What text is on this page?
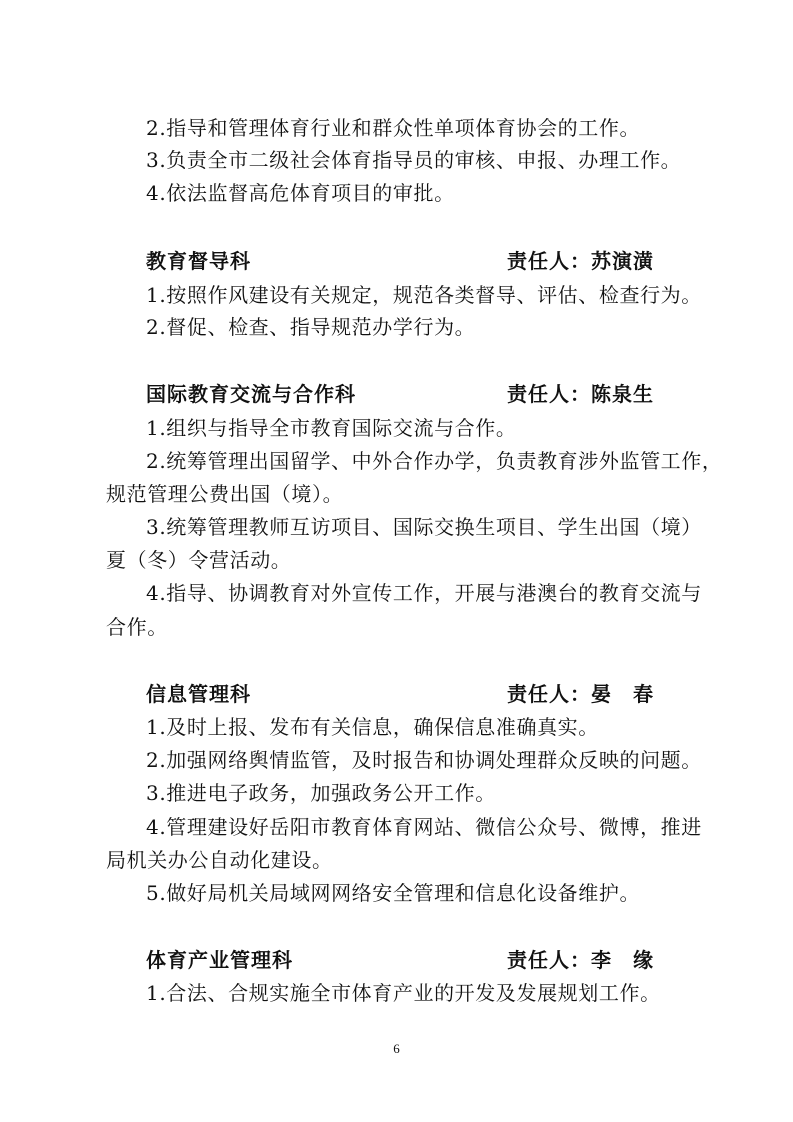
2.指导和管理体育行业和群众性单项体育协会的工作。
3.负责全市二级社会体育指导员的审核、申报、办理工作。
4.依法监督高危体育项目的审批。
教育督导科	责任人：苏演潢
1.按照作风建设有关规定，规范各类督导、评估、检查行为。
2.督促、检查、指导规范办学行为。
国际教育交流与合作科	责任人：陈泉生
1.组织与指导全市教育国际交流与合作。
2.统筹管理出国留学、中外合作办学，负责教育涉外监管工作，
规范管理公费出国（境）。
3.统筹管理教师互访项目、国际交换生项目、学生出国（境）
夏（冬）令营活动。
4.指导、协调教育对外宣传工作，开展与港澳台的教育交流与
合作。
信息管理科	责任人：晏　春
1.及时上报、发布有关信息，确保信息准确真实。
2.加强网络舆情监管，及时报告和协调处理群众反映的问题。
3.推进电子政务，加强政务公开工作。
4.管理建设好岳阳市教育体育网站、微信公众号、微博，推进
局机关办公自动化建设。
5.做好局机关局域网网络安全管理和信息化设备维护。
体育产业管理科	责任人：李　缘
1.合法、合规实施全市体育产业的开发及发展规划工作。
6
